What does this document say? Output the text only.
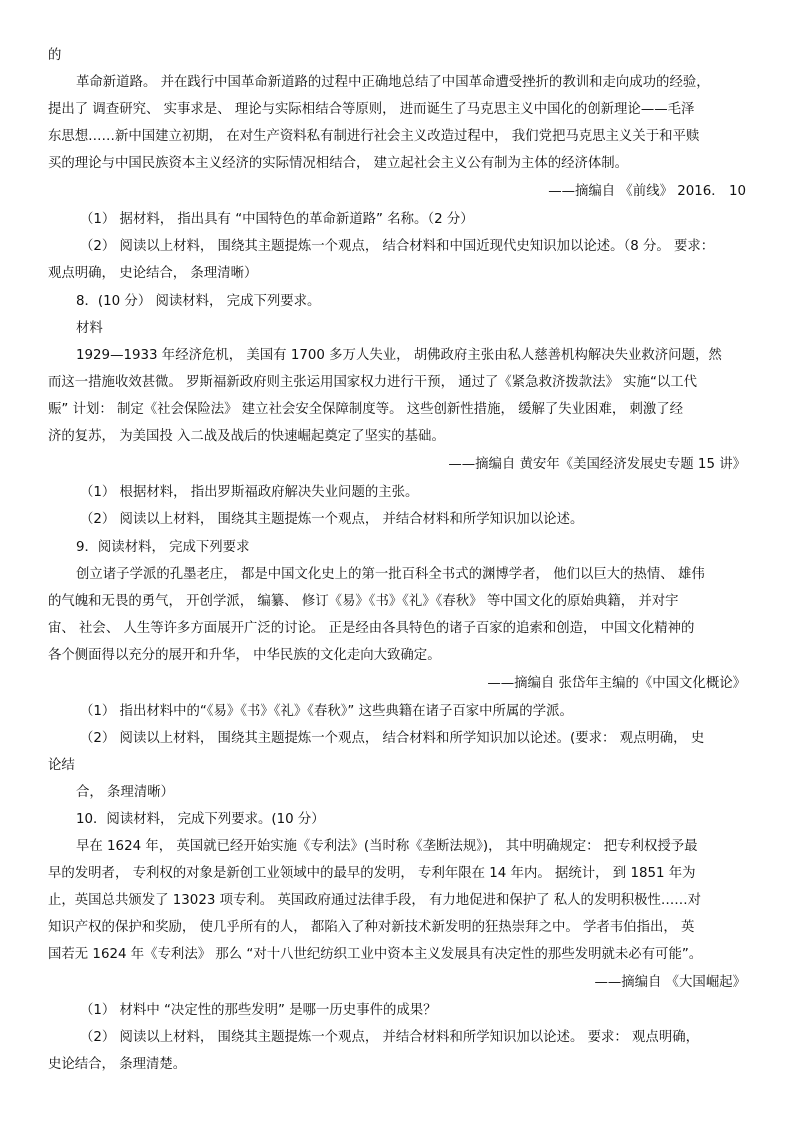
的
革命新道路。 并在践行中国革命新道路的过程中正确地总结了中国革命遭受挫折的教训和走向成功的经验，
提出了 调查研究、 实事求是、 理论与实际相结合等原则， 进而诞生了马克思主义中国化的创新理论——毛泽
东思想……新中国建立初期， 在对生产资料私有制进行社会主义改造过程中， 我们党把马克思主义关于和平赎
买的理论与中国民族资本主义经济的实际情况相结合， 建立起社会主义公有制为主体的经济体制。
——摘编自 《前线》 2016． 10
（1） 据材料， 指出具有 “中国特色的革命新道路” 名称。（2 分）
（2） 阅读以上材料， 围绕其主题提炼一个观点， 结合材料和中国近现代史知识加以论述。（8 分。 要求：
观点明确， 史论结合， 条理清晰）
8．(10 分） 阅读材料， 完成下列要求。
材料
1929—1933 年经济危机， 美国有 1700 多万人失业， 胡佛政府主张由私人慈善机构解决失业救济问题，然
而这一措施收效甚微。 罗斯福新政府则主张运用国家权力进行干预， 通过了《紧急救济拨款法》 实施“以工代
赈” 计划： 制定《社会保险法》 建立社会安全保障制度等。 这些创新性措施， 缓解了失业困难， 刺激了经
济的复苏， 为美国投 入二战及战后的快速崛起奠定了坚实的基础。
——摘编自 黄安年《美国经济发展史专题 15 讲》
（1） 根据材料， 指出罗斯福政府解决失业问题的主张。
（2） 阅读以上材料， 围绕其主题提炼一个观点， 并结合材料和所学知识加以论述。
9．阅读材料， 完成下列要求
创立诸子学派的孔墨老庄， 都是中国文化史上的第一批百科全书式的渊博学者， 他们以巨大的热情、 雄伟
的气魄和无畏的勇气， 开创学派， 编纂、 修订《易》《书》《礼》《春秋》 等中国文化的原始典籍， 并对宇
宙、 社会、 人生等许多方面展开广泛的讨论。 正是经由各具特色的诸子百家的追索和创造， 中国文化精神的
各个侧面得以充分的展开和升华， 中华民族的文化走向大致确定。
——摘编自 张岱年主编的《中国文化概论》
（1） 指出材料中的“《易》《书》《礼》《春秋》” 这些典籍在诸子百家中所属的学派。
（2） 阅读以上材料， 围绕其主题提炼一个观点， 结合材料和所学知识加以论述。(要求： 观点明确， 史
论结
合， 条理清晰）
10．阅读材料， 完成下列要求。(10 分）
早在 1624 年， 英国就已经开始实施《专利法》(当时称《垄断法规》)， 其中明确规定： 把专利权授予最
早的发明者， 专利权的对象是新创工业领域中的最早的发明， 专利年限在 14 年内。 据统计， 到 1851 年为
止，英国总共颁发了 13023 项专利。 英国政府通过法律手段， 有力地促进和保护了 私人的发明积极性……对
知识产权的保护和奖励， 使几乎所有的人， 都陷入了种对新技术新发明的狂热崇拜之中。 学者韦伯指出， 英
国若无 1624 年《专利法》 那么 “对十八世纪纺织工业中资本主义发展具有决定性的那些发明就未必有可能”。
——摘编自 《大国崛起》
（1） 材料中 “决定性的那些发明” 是哪一历史事件的成果？
（2） 阅读以上材料， 围绕其主题提炼一个观点， 并结合材料和所学知识加以论述。 要求： 观点明确，
史论结合， 条理清楚。
